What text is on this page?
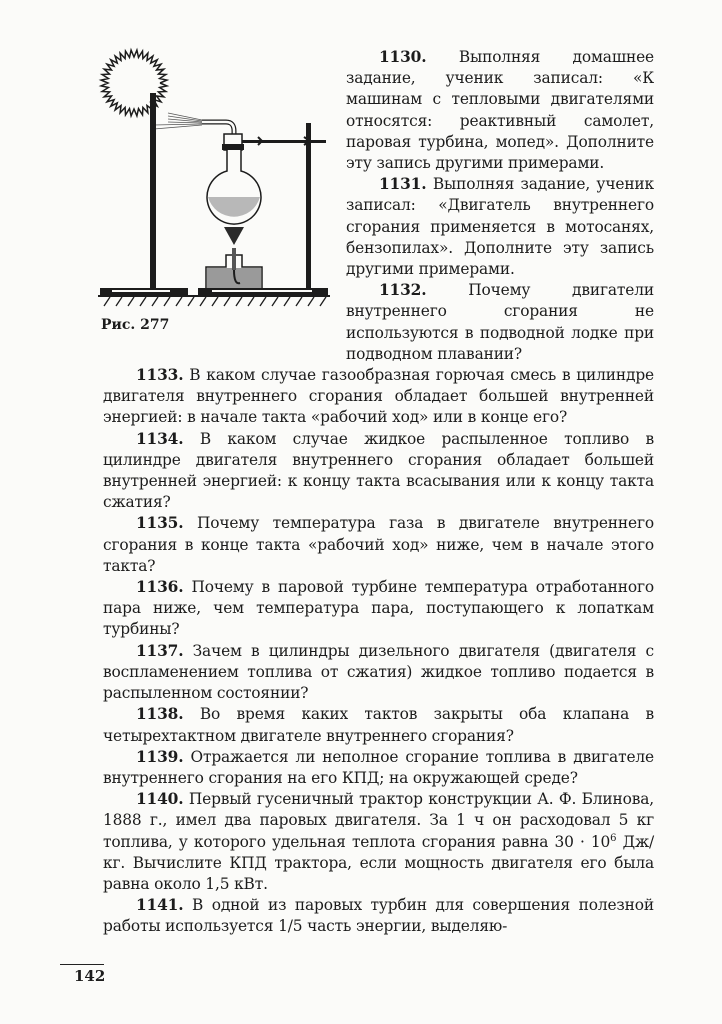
Рис. 277

1130. Выполняя домашнее задание, ученик записал: «К машинам с тепловыми двигателями относятся: реактивный самолет, паровая турбина, мопед». Дополните эту запись другими примерами.

1131. Выполняя задание, ученик записал: «Двигатель внутреннего сгорания применяется в мотосанях, бензопилах». Дополните эту запись другими примерами.

1132.	Почему двигатели внутреннего сгорания не используются в подводной лодке при подводном плавании?

1133. В каком случае газообразная горючая смесь в цилиндре двигателя внутреннего сгорания обладает большей внутренней энергией: в начале такта «рабочий ход» или в конце его?

1134. В каком случае жидкое распыленное топливо в цилиндре двигателя внутреннего сгорания обладает большей внутренней энергией: к концу такта всасывания или к концу такта сжатия?

1135. Почему температура газа в двигателе внутреннего сгорания в конце такта «рабочий ход» ниже, чем в начале этого такта?

1136. Почему в паровой турбине температура отработанного пара ниже, чем температура пара, поступающего к лопаткам турбины?

1137. Зачем в цилиндры дизельного двигателя (двигателя с воспламенением топлива от сжатия) жидкое топливо подается в распыленном состоянии?

1138. Во время каких тактов закрыты оба клапана в четырехтактном двигателе внутреннего сгорания?

1139. Отражается ли неполное сгорание топлива в двигателе внутреннего сгорания на его КПД; на окружающей среде?

1140. Первый гусеничный трактор конструкции А. Ф. Блинова, 1888 г., имел два паровых двигателя. За 1 ч он расходовал 5 кг топлива, у которого удельная теплота сгорания равна $30 \cdot 10^6$ Дж/кг. Вычислите КПД трактора, если мощность двигателя его была равна около 1,5 кВт.

1141. В одной из паровых турбин для совершения полезной работы используется 1/5 часть энергии, выделяю-

142
